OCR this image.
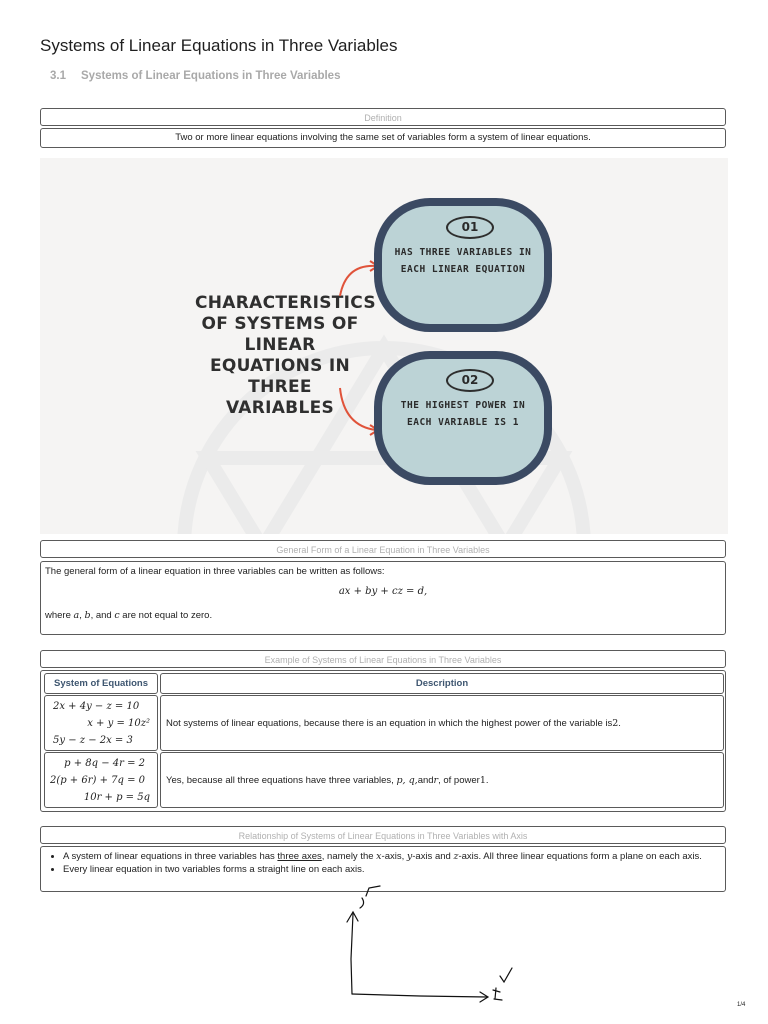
Systems of Linear Equations in Three Variables
3.1 Systems of Linear Equations in Three Variables
Definition
Two or more linear equations involving the same set of variables form a system of linear equations.
CHARACTERISTICS OF SYSTEMS OF LINEAR EQUATIONS IN THREE VARIABLES
01
HAS THREE VARIABLES IN EACH LINEAR EQUATION
02
THE HIGHEST POWER IN EACH VARIABLE IS 1
General Form of a Linear Equation in Three Variables
The general form of a linear equation in three variables can be written as follows:
ax + by + cz = d,
where a, b, and c are not equal to zero.
Example of Systems of Linear Equations in Three Variables
System of Equations	Description
2x + 4y − z = 10
x + y = 10z²
5y − z − 2x = 3
Not systems of linear equations, because there is an equation in which the highest power of the variable is 2 .
p + 8q − 4r = 2
2(p + 6r) + 7q = 0
10r + p = 5q
Yes, because all three equations have three variables,
p, q, and r , of power 1 .
Relationship of Systems of Linear Equations in Three Variables with Axis
• A system of linear equations in three variables has three axes, namely the x-axis, y-axis and z-axis. All three linear equations form a plane on each axis.
• Every linear equation in two variables forms a straight line on each axis.
1/4
